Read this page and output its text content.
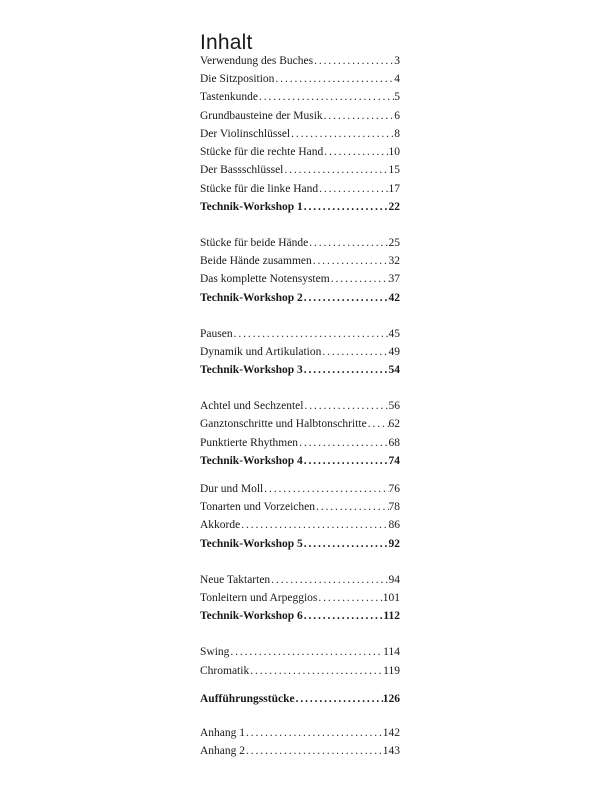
Inhalt
Verwendung des Buches . . .	3
Die Sitzposition . . .	4
Tastenkunde . . .	5
Grundbausteine der Musik . . .	6
Der Violinschlüssel . . .	8
Stücke für die rechte Hand . . .	10
Der Bassschlüssel . . .	15
Stücke für die linke Hand . . .	17
Technik-Workshop 1 . . .	22
Stücke für beide Hände . . .	25
Beide Hände zusammen . . .	32
Das komplette Notensystem . . .	37
Technik-Workshop 2 . . .	42
Pausen . . .	45
Dynamik und Artikulation . . .	49
Technik-Workshop 3 . . .	54
Achtel und Sechzentel . . .	56
Ganztonschritte und Halbtonschritte . . . 62
Punktierte Rhythmen . . .	68
Technik-Workshop 4 . . .	74
Dur und Moll . . .	76
Tonarten und Vorzeichen . . .	78
Akkorde . . .	86
Technik-Workshop 5 . . .	92
Neue Taktarten . . .	94
Tonleitern und Arpeggios . . .	101
Technik-Workshop 6 . . .	112
Swing . . .	114
Chromatik . . .	119
Aufführungsstücke . . .	126
Anhang 1 . . .	142
Anhang 2 . . .	143
